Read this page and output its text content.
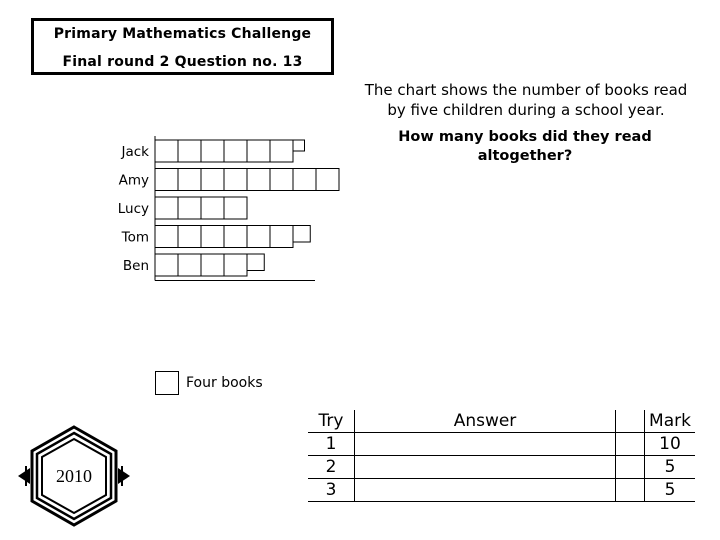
Primary Mathematics Challenge
Final round 2 Question no. 13
The chart shows the number of books read
by five children during a school year.
How many books did they read
altogether?
Jack
Amy
Lucy
Tom
Ben
Four books
2010
Try	Answer		Mark
1			10
2			5
3			5
